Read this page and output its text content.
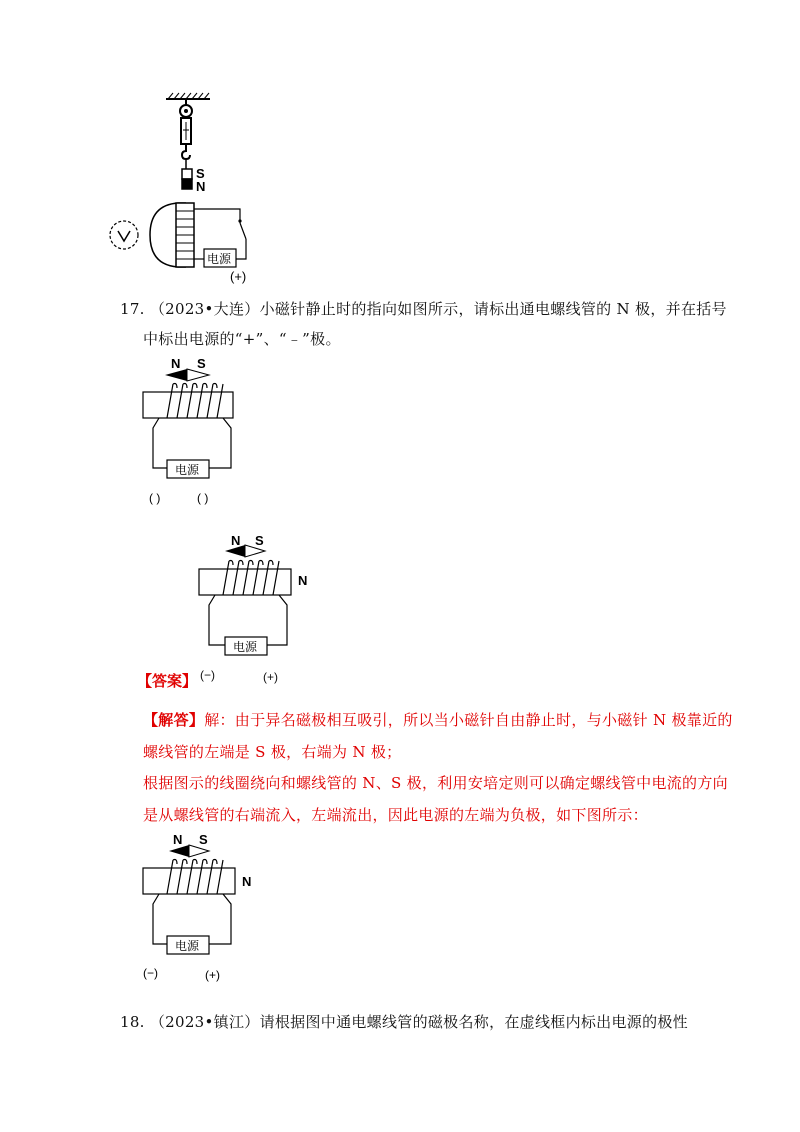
S
N
电源
(+)
17. （2023•大连）小磁针静止时的指向如图所示，请标出通电螺线管的 N 极，并在括号
中标出电源的“+”、“﹣”极。
N S
电源
( )	( )
N S
N
电源
【答案】 (−)	(+)
【解答】解：由于异名磁极相互吸引，所以当小磁针自由静止时，与小磁针 N 极靠近的
螺线管的左端是 S 极，右端为 N 极；
根据图示的线圈绕向和螺线管的 N、S 极，利用安培定则可以确定螺线管中电流的方向
是从螺线管的右端流入，左端流出，因此电源的左端为负极，如下图所示：
N S
N
电源
(−)	(+)
18. （2023•镇江）请根据图中通电螺线管的磁极名称，在虚线框内标出电源的极性
